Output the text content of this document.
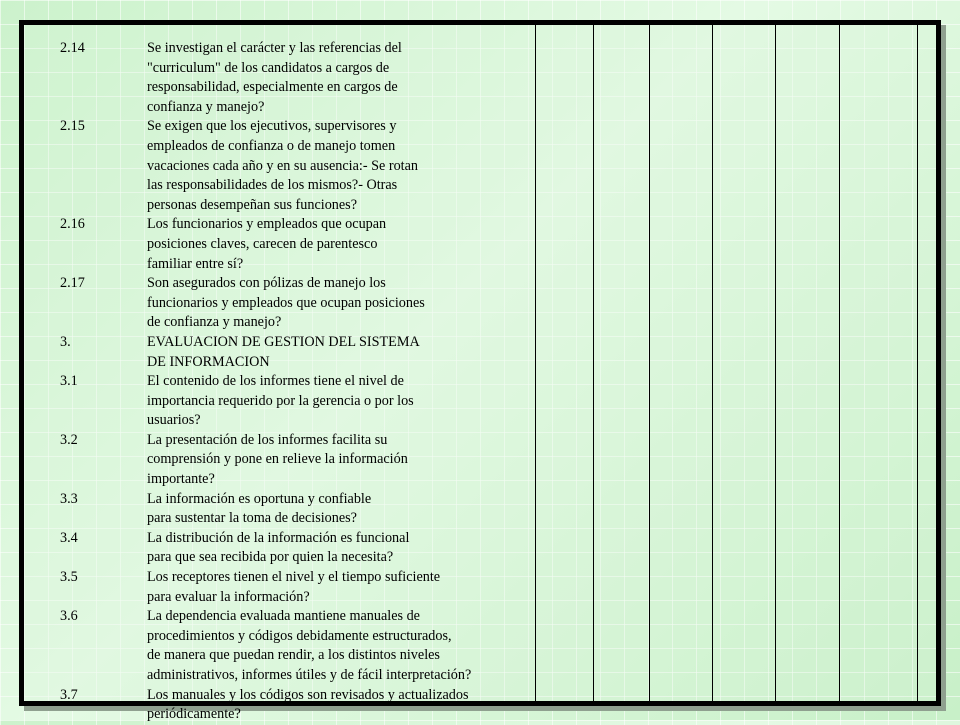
2.14	Se investigan el carácter y las referencias del
"curriculum" de los candidatos a cargos de
responsabilidad, especialmente en cargos de
confianza y manejo?
2.15	Se exigen que los ejecutivos, supervisores y
empleados de confianza o de manejo tomen
vacaciones cada año y en su ausencia:- Se rotan
las responsabilidades de los mismos?- Otras
personas desempeñan sus funciones?
2.16	Los funcionarios y empleados que ocupan
posiciones claves, carecen de parentesco
familiar entre sí?
2.17	Son asegurados con pólizas de manejo los
funcionarios y empleados que ocupan posiciones
de confianza y manejo?
3.	EVALUACION DE GESTION DEL SISTEMA
DE INFORMACION
3.1	El contenido de los informes tiene el nivel de
importancia requerido por la gerencia o por los
usuarios?
3.2	La presentación de los informes facilita su
comprensión y pone en relieve la información
importante?
3.3	La información es oportuna y confiable
para sustentar la toma de decisiones?
3.4	La distribución de la información es funcional
para que sea recibida por quien la necesita?
3.5	Los receptores tienen el nivel y el tiempo suficiente
para evaluar la información?
3.6	La dependencia evaluada mantiene manuales de
procedimientos y códigos debidamente estructurados,
de manera que puedan rendir, a los distintos niveles
administrativos, informes útiles y de fácil interpretación?
3.7	Los manuales y los códigos son revisados y actualizados
periódicamente?
